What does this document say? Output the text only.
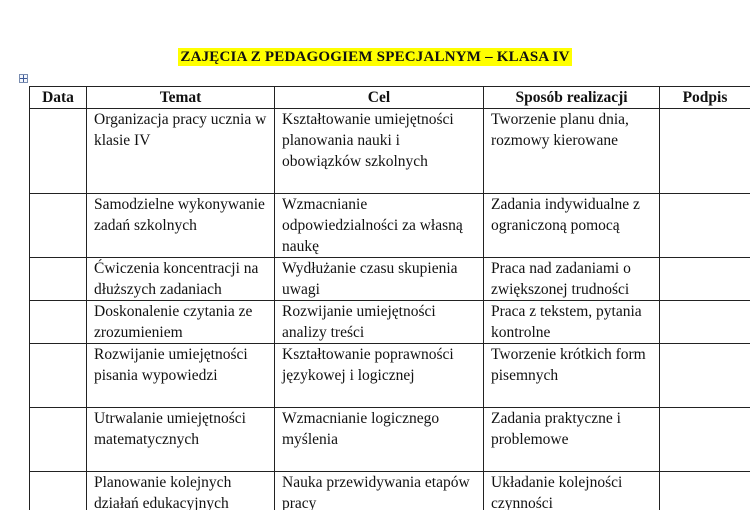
ZAJĘCIA Z PEDAGOGIEM SPECJALNYM – KLASA IV
Data	Temat	Cel	Sposób realizacji	Podpis
	Organizacja pracy ucznia w klasie IV	Kształtowanie umiejętności planowania nauki i obowiązków szkolnych	Tworzenie planu dnia, rozmowy kierowane	
	Samodzielne wykonywanie zadań szkolnych	Wzmacnianie odpowiedzialności za własną naukę	Zadania indywidualne z ograniczoną pomocą	
	Ćwiczenia koncentracji na dłuższych zadaniach	Wydłużanie czasu skupienia uwagi	Praca nad zadaniami o zwiększonej trudności	
	Doskonalenie czytania ze zrozumieniem	Rozwijanie umiejętności analizy treści	Praca z tekstem, pytania kontrolne	
	Rozwijanie umiejętności pisania wypowiedzi	Kształtowanie poprawności językowej i logicznej	Tworzenie krótkich form pisemnych	
	Utrwalanie umiejętności matematycznych	Wzmacnianie logicznego myślenia	Zadania praktyczne i problemowe	
	Planowanie kolejnych działań edukacyjnych	Nauka przewidywania etapów pracy	Układanie kolejności czynności	
